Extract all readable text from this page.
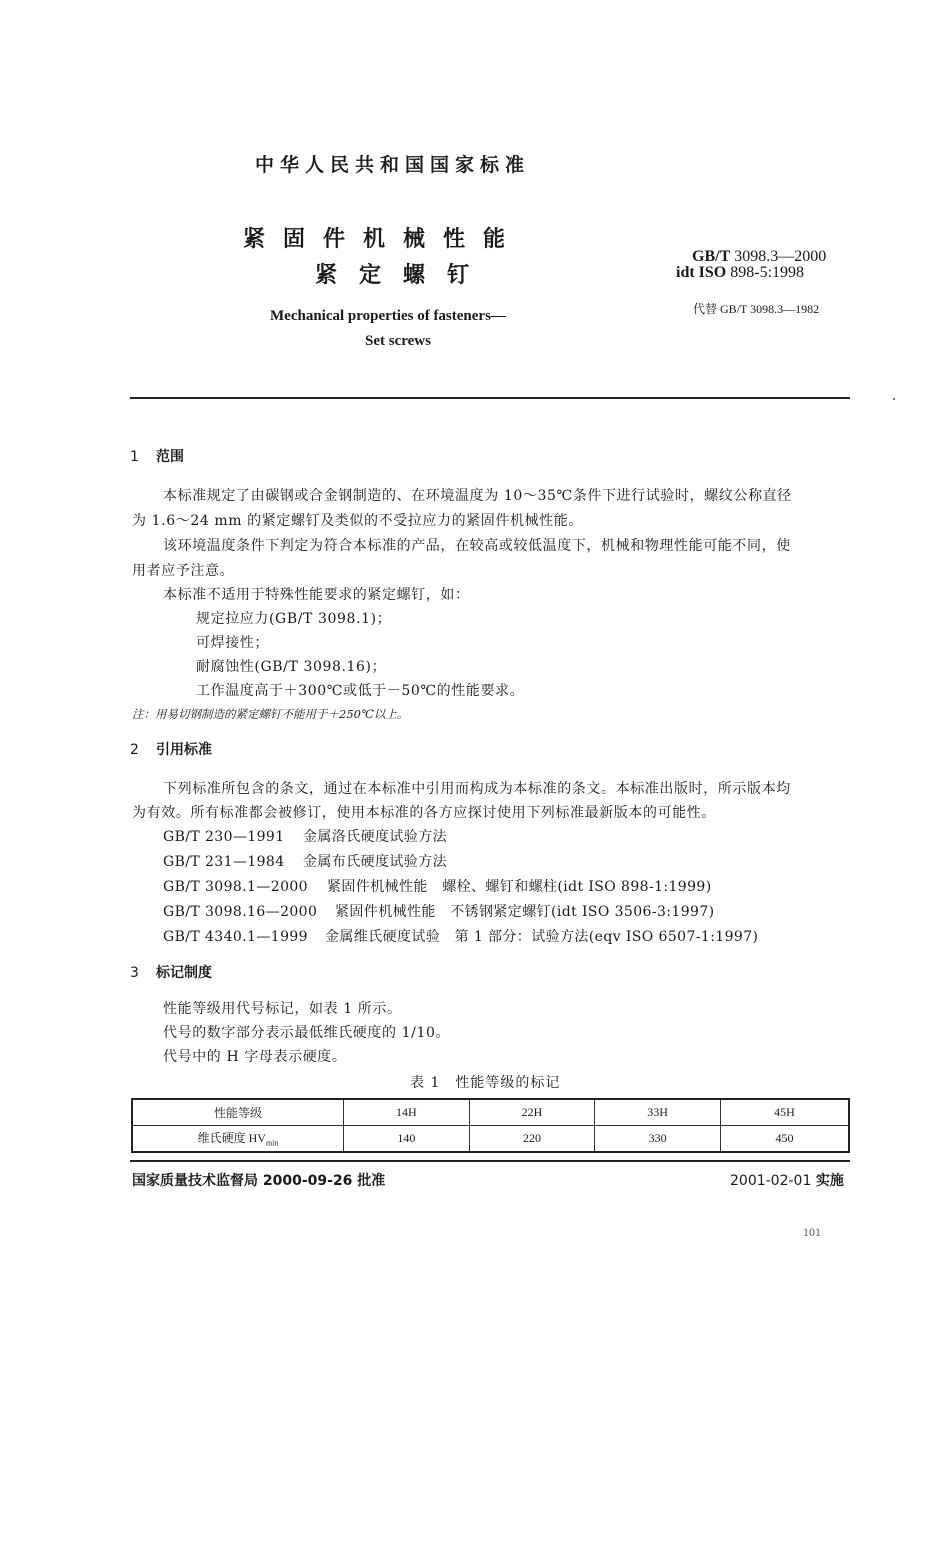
中华人民共和国国家标准
紧固件机械性能
紧定螺钉
Mechanical properties of fasteners—
Set screws
GB/T 3098.3—2000
idt ISO 898-5:1998
代替 GB/T 3098.3—1982
1 范围
本标准规定了由碳钢或合金钢制造的、在环境温度为 10～35℃条件下进行试验时，螺纹公称直径
为 1.6～24 mm 的紧定螺钉及类似的不受拉应力的紧固件机械性能。
该环境温度条件下判定为符合本标准的产品，在较高或较低温度下，机械和物理性能可能不同，使
用者应予注意。
本标准不适用于特殊性能要求的紧定螺钉，如：
规定拉应力(GB/T 3098.1)；
可焊接性；
耐腐蚀性(GB/T 3098.16)；
工作温度高于＋300℃或低于－50℃的性能要求。
注：用易切钢制造的紧定螺钉不能用于＋250℃以上。
2 引用标准
下列标准所包含的条文，通过在本标准中引用而构成为本标准的条文。本标准出版时，所示版本均
为有效。所有标准都会被修订，使用本标准的各方应探讨使用下列标准最新版本的可能性。
GB/T 230—1991 金属洛氏硬度试验方法
GB/T 231—1984 金属布氏硬度试验方法
GB/T 3098.1—2000 紧固件机械性能　螺栓、螺钉和螺柱(idt ISO 898-1:1999)
GB/T 3098.16—2000 紧固件机械性能　不锈钢紧定螺钉(idt ISO 3506-3:1997)
GB/T 4340.1—1999 金属维氏硬度试验　第 1 部分：试验方法(eqv ISO 6507-1:1997)
3 标记制度
性能等级用代号标记，如表 1 所示。
代号的数字部分表示最低维氏硬度的 1/10。
代号中的 H 字母表示硬度。
表 1　性能等级的标记
性能等级	14H	22H	33H	45H
维氏硬度 $HV_{min}$	140	220	330	450
国家质量技术监督局 2000-09-26 批准	2001-02-01 实施
101
